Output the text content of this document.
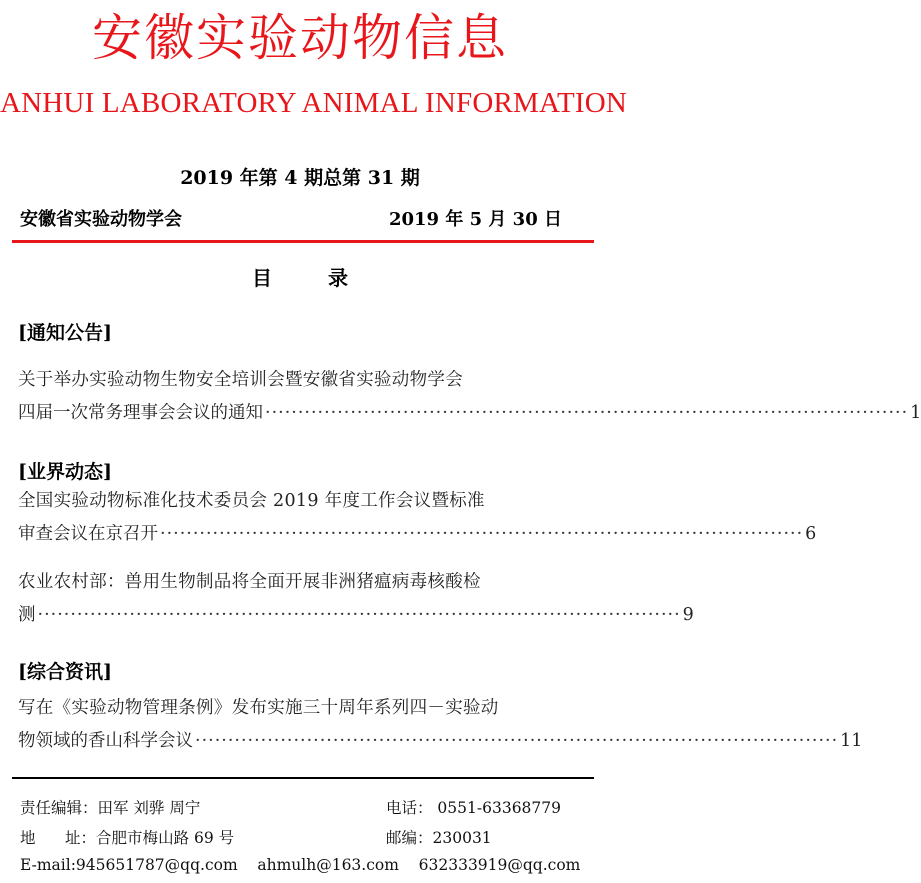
安徽实验动物信息
ANHUI LABORATORY ANIMAL INFORMATION
2019 年第 4 期总第 31 期
安徽省实验动物学会	2019 年 5 月 30 日
目录
[通知公告]
关于举办实验动物生物安全培训会暨安徽省实验动物学会
四届一次常务理事会会议的通知 ·································································································· 1
[业界动态]
全国实验动物标准化技术委员会 2019 年度工作会议暨标准
审查会议在京召开 ·································································································· 6
农业农村部：兽用生物制品将全面开展非洲猪瘟病毒核酸检
测 ·································································································· 9
[综合资讯]
写在《实验动物管理条例》发布实施三十周年系列四－实验动
物领域的香山科学会议 ·································································································· 11
责任编辑：田军 刘骅 周宁	电话： 0551-63368779
地      址：合肥市梅山路 69 号	邮编：230031
E-mail:945651787@qq.com    ahmulh@163.com    632333919@qq.com
